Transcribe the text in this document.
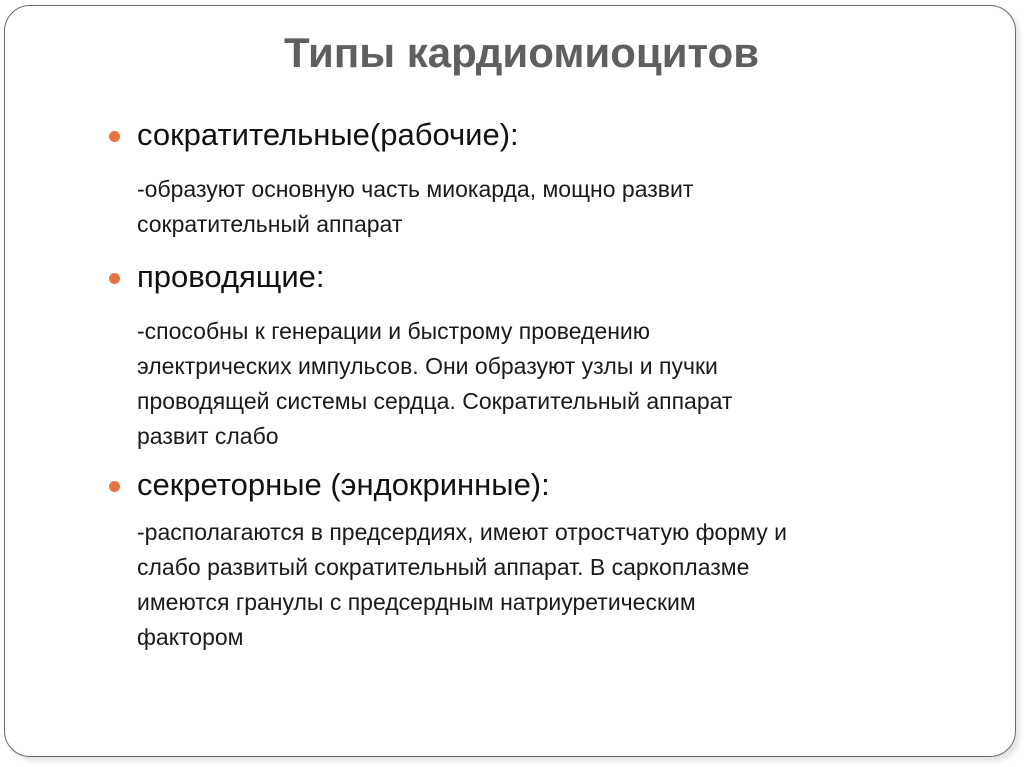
Типы кардиомиоцитов
сократительные(рабочие):
-образуют основную часть миокарда, мощно развит
сократительный аппарат
проводящие:
-способны к генерации и быстрому проведению
электрических импульсов. Они образуют узлы и пучки
проводящей системы сердца. Сократительный аппарат
развит слабо
секреторные (эндокринные):
-располагаются в предсердиях, имеют отростчатую форму и
слабо развитый сократительный аппарат. В саркоплазме
имеются гранулы с предсердным натриуретическим
фактором
